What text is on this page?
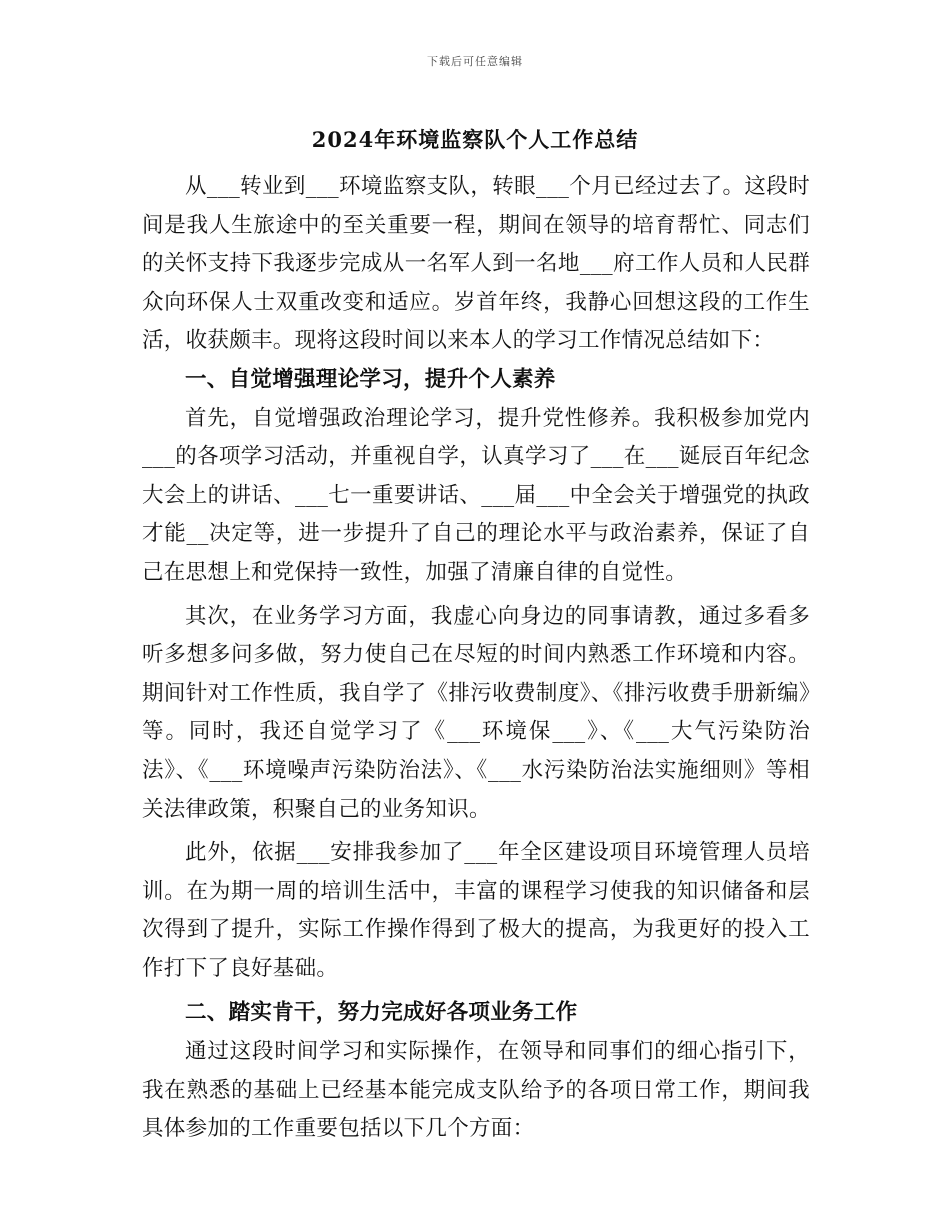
下载后可任意编辑
2024年环境监察队个人工作总结

从___转业到___环境监察支队，转眼___个月已经过去了。这段时间是我人生旅途中的至关重要一程，期间在领导的培育帮忙、同志们的关怀支持下我逐步完成从一名军人到一名地___府工作人员和人民群众向环保人士双重改变和适应。岁首年终，我静心回想这段的工作生活，收获颇丰。现将这段时间以来本人的学习工作情况总结如下：

一、自觉增强理论学习，提升个人素养

首先，自觉增强政治理论学习，提升党性修养。我积极参加党内___的各项学习活动，并重视自学，认真学习了___在___诞辰百年纪念大会上的讲话、___七一重要讲话、___届___中全会关于增强党的执政才能__决定等，进一步提升了自己的理论水平与政治素养，保证了自己在思想上和党保持一致性，加强了清廉自律的自觉性。

其次，在业务学习方面，我虚心向身边的同事请教，通过多看多听多想多问多做，努力使自己在尽短的时间内熟悉工作环境和内容。期间针对工作性质，我自学了《排污收费制度》、《排污收费手册新编》等。同时，我还自觉学习了《___环境保___》、《___大气污染防治法》、《___环境噪声污染防治法》、《___水污染防治法实施细则》等相关法律政策，积聚自己的业务知识。

此外，依据___安排我参加了___年全区建设项目环境管理人员培训。在为期一周的培训生活中，丰富的课程学习使我的知识储备和层次得到了提升，实际工作操作得到了极大的提高，为我更好的投入工作打下了良好基础。

二、踏实肯干，努力完成好各项业务工作

通过这段时间学习和实际操作，在领导和同事们的细心指引下，我在熟悉的基础上已经基本能完成支队给予的各项日常工作，期间我具体参加的工作重要包括以下几个方面：
